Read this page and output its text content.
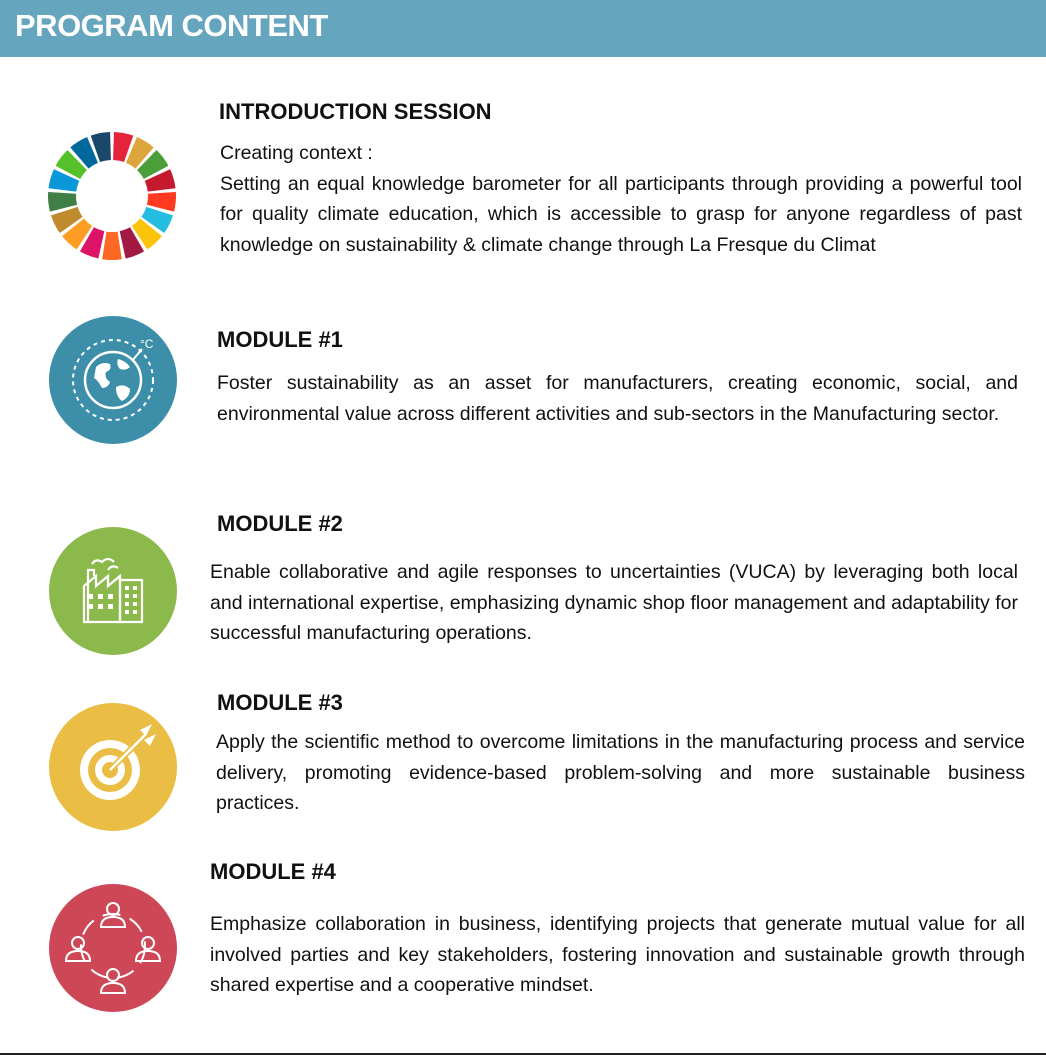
PROGRAM CONTENT
INTRODUCTION SESSION

Creating context :
Setting an equal knowledge barometer for all participants through providing a powerful tool for quality climate education, which is accessible to grasp for anyone regardless of past knowledge on sustainability & climate change through La Fresque du Climat

°C	MODULE #1

Foster sustainability as an asset for manufacturers, creating economic, social, and environmental value across different activities and sub-sectors in the Manufacturing sector.

MODULE #2

Enable collaborative and agile responses to uncertainties (VUCA) by leveraging both local and international expertise, emphasizing dynamic shop floor management and adaptability for successful manufacturing operations.

MODULE #3

Apply the scientific method to overcome limitations in the manufacturing process and service delivery, promoting evidence-based problem-solving and more sustainable business practices.

MODULE #4

Emphasize collaboration in business, identifying projects that generate mutual value for all involved parties and key stakeholders, fostering innovation and sustainable growth through shared expertise and a cooperative mindset.
